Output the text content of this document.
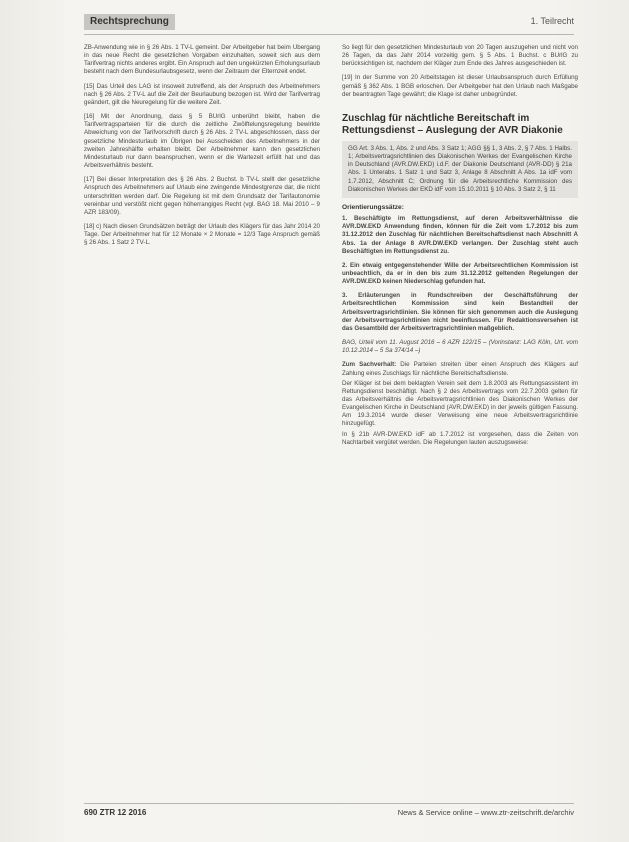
Rechtsprechung	1. Teilrecht

ZB-Anwendung wie in § 26 Abs. 1 TV-L gemeint. Der Arbeitgeber hat beim Übergang in das neue Recht die gesetzlichen Vorgaben einzuhalten, soweit sich aus dem Tarifvertrag nichts anderes ergibt. Ein Anspruch auf den ungekürzten Erholungsurlaub besteht nach dem Bundesurlaubsgesetz, wenn der Zeitraum der Elternzeit endet.

[15] Das Urteil des LAG ist insoweit zutreffend, als der Anspruch des Arbeitnehmers nach § 26 Abs. 2 TV-L auf die Zeit der Beurlaubung bezogen ist. Wird der Tarifvertrag geändert, gilt die Neuregelung für die weitere Zeit.

[16] Mit der Anordnung, dass § 5 BUrlG unberührt bleibt, haben die Tarifvertragsparteien für die durch die zeitliche Zwölftelungsregelung bewirkte Abweichung von der Tarifvorschrift durch § 26 Abs. 2 TV-L abgeschlossen, dass der gesetzliche Mindesturlaub im Übrigen bei Ausscheiden des Arbeitnehmers in der zweiten Jahreshälfte erhalten bleibt. Der Arbeitnehmer kann den gesetzlichen Mindesturlaub nur dann beanspruchen, wenn er die Wartezeit erfüllt hat und das Arbeitsverhältnis besteht.

[17] Bei dieser Interpretation des § 26 Abs. 2 Buchst. b TV-L stellt der gesetzliche Anspruch des Arbeitnehmers auf Urlaub eine zwingende Mindestgrenze dar, die nicht unterschritten werden darf. Die Regelung ist mit dem Grundsatz der Tarifautonomie vereinbar und verstößt nicht gegen höherrangiges Recht (vgl. BAG 18. Mai 2010 – 9 AZR 183/09).

[18] c) Nach diesen Grundsätzen beträgt der Urlaub des Klägers für das Jahr 2014 20 Tage. Der Arbeitnehmer hat für 12 Monate × 2 Monate = 12/3 Tage Anspruch gemäß § 26 Abs. 1 Satz 2 TV-L.

So liegt für den gesetzlichen Mindesturlaub von 20 Tagen auszugehen und nicht von 26 Tagen, da das Jahr 2014 vorzeitig gem. § 5 Abs. 1 Buchst. c BUrlG zu berücksichtigen ist, nachdem der Kläger zum Ende des Jahres ausgeschieden ist.

[19] In der Summe von 20 Arbeitstagen ist dieser Urlaubsanspruch durch Erfüllung gemäß § 362 Abs. 1 BGB erloschen. Der Arbeitgeber hat den Urlaub nach Maßgabe der beantragten Tage gewährt; die Klage ist daher unbegründet.

Zuschlag für nächtliche Bereitschaft im Rettungsdienst – Auslegung der AVR Diakonie
GG Art. 3 Abs. 1, Abs. 2 und Abs. 3 Satz 1; AGG §§ 1, 3 Abs. 2, § 7 Abs. 1 Halbs. 1; Arbeitsvertragsrichtlinien des Diakonischen Werkes der Evangelischen Kirche in Deutschland (AVR.DW.EKD) i.d.F. der Diakonie Deutschland (AVR-DD) § 21a Abs. 1 Unterabs. 1 Satz 1 und Satz 3, Anlage 8 Abschnitt A Abs. 1a idF vom 1.7.2012, Abschnitt C; Ordnung für die Arbeitsrechtliche Kommission des Diakonischen Werkes der EKD idF vom 15.10.2011 § 10 Abs. 3 Satz 2, § 11
Orientierungssätze:

1. Beschäftigte im Rettungsdienst, auf deren Arbeitsverhältnisse die AVR.DW.EKD Anwendung finden, können für die Zeit vom 1.7.2012 bis zum 31.12.2012 den Zuschlag für nächtlichen Bereitschaftsdienst nach Abschnitt A Abs. 1a der Anlage 8 AVR.DW.EKD verlangen. Der Zuschlag steht auch Beschäftigten im Rettungsdienst zu.

2. Ein etwaig entgegenstehender Wille der Arbeitsrechtlichen Kommission ist unbeachtlich, da er in den bis zum 31.12.2012 geltenden Regelungen der AVR.DW.EKD keinen Niederschlag gefunden hat.

3. Erläuterungen in Rundschreiben der Geschäftsführung der Arbeitsrechtlichen Kommission sind kein Bestandteil der Arbeitsvertragsrichtlinien. Sie können für sich genommen auch die Auslegung der Arbeitsvertragsrichtlinien nicht beeinflussen. Für Redaktionsversehen ist das Gesamtbild der Arbeitsvertragsrichtlinien maßgeblich.

BAG, Urteil vom 11. August 2016 – 6 AZR 122/15 – (Vorinstanz: LAG Köln, Urt. vom 10.12.2014 – 5 Sa 374/14 –)

Zum Sachverhalt: Die Parteien streiten über einen Anspruch des Klägers auf Zahlung eines Zuschlags für nächtliche Bereitschaftsdienste.

Der Kläger ist bei dem beklagten Verein seit dem 1.8.2003 als Rettungsassistent im Rettungsdienst beschäftigt. Nach § 2 des Arbeitsvertrags vom 22.7.2003 gelten für das Arbeitsverhältnis die Arbeitsvertragsrichtlinien des Diakonischen Werkes der Evangelischen Kirche in Deutschland (AVR.DW.EKD) in der jeweils gültigen Fassung. Am 19.3.2014 wurde dieser Verweisung eine neue Arbeitsvertragsrichtlinie hinzugefügt.

In § 21b AVR-DW.EKD idF ab 1.7.2012 ist vorgesehen, dass die Zeiten von Nachtarbeit vergütet werden. Die Regelungen lauten auszugsweise:

690 ZTR 12 2016	News & Service online – www.ztr-zeitschrift.de/archiv
